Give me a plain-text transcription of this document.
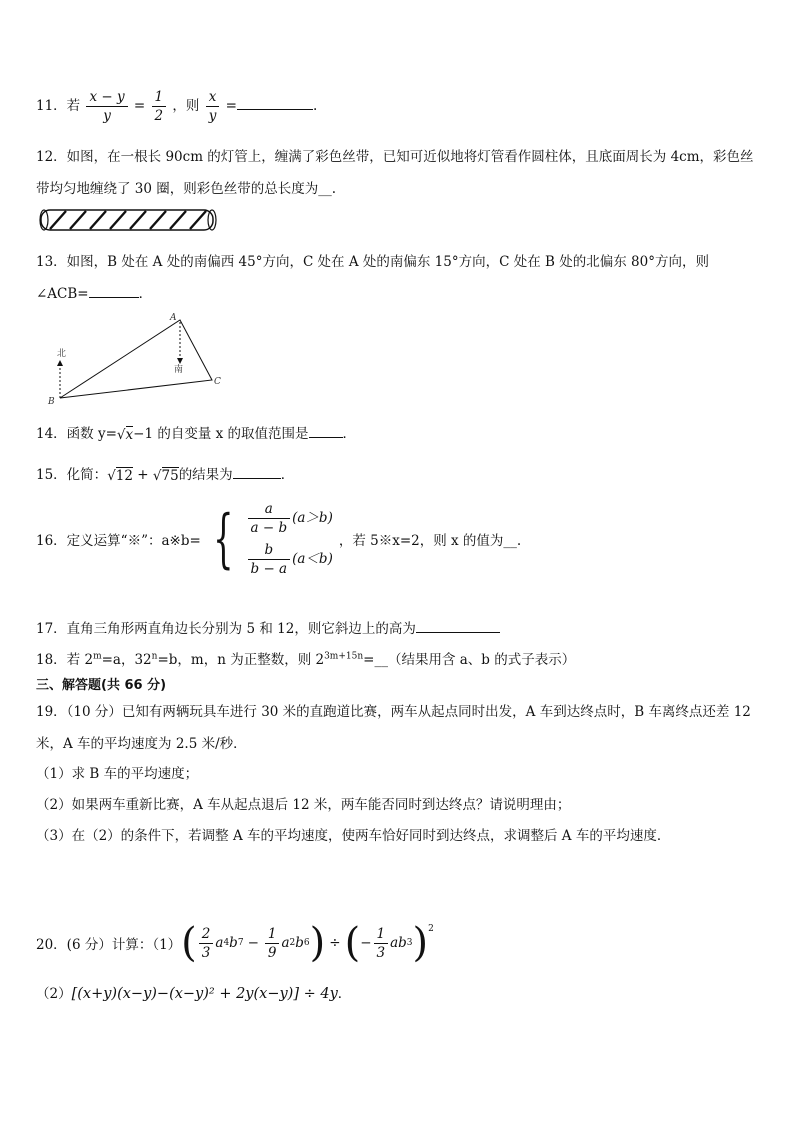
11．若 $\frac{x - y}{y} = \frac{1}{2}$ ，则 $\frac{x}{y}$ =	.
12．如图，在一根长 90cm 的灯管上，缠满了彩色丝带，已知可近似地将灯管看作圆柱体，且底面周长为 4cm，彩色丝
带均匀地缠绕了 30 圈，则彩色丝带的总长度为__.
13．如图，B 处在 A 处的南偏西 45°方向，C 处在 A 处的南偏东 15°方向，C 处在 B 处的北偏东 80°方向，则
∠ACB=	．
北
南
A
B
C
14．函数 y=√x−1 的自变量 x 的取值范围是	．
15．化简：√12 + √75的结果为	．
16．定义运算“※”：a※b= { $\frac{a}{a - b} (a>b)$
$\frac{b}{b - a} (a<b)$
，若 5※x=2，则 x 的值为__.
17．直角三角形两直角边长分别为 5 和 12，则它斜边上的高为
18．若 $2^m=a$，$32^n=b$，m，n 为正整数，则 $2^{3m+15n}=\_\_$（结果用含 a、b 的式子表示）
三、解答题(共 66 分)
19．（10 分）已知有两辆玩具车进行 30 米的直跑道比赛，两车从起点同时出发，A 车到达终点时，B 车离终点还差 12
米，A 车的平均速度为 2.5 米/秒．
（1）求 B 车的平均速度；
（2）如果两车重新比赛，A 车从起点退后 12 米，两车能否同时到达终点？请说明理由；
（3）在（2）的条件下，若调整 A 车的平均速度，使两车恰好同时到达终点，求调整后 A 车的平均速度．
20．(6 分）计算：（1） ( $\frac{2}{3}$ a 4 b $7 - \frac{1}{9}$ a 2 b 6 ) ÷ ( − $\frac{1}{3}$ ab 3 )$^2$
（2）[(x+y)(x−y)−(x−y)² + 2y(x−y)] ÷ 4y．
